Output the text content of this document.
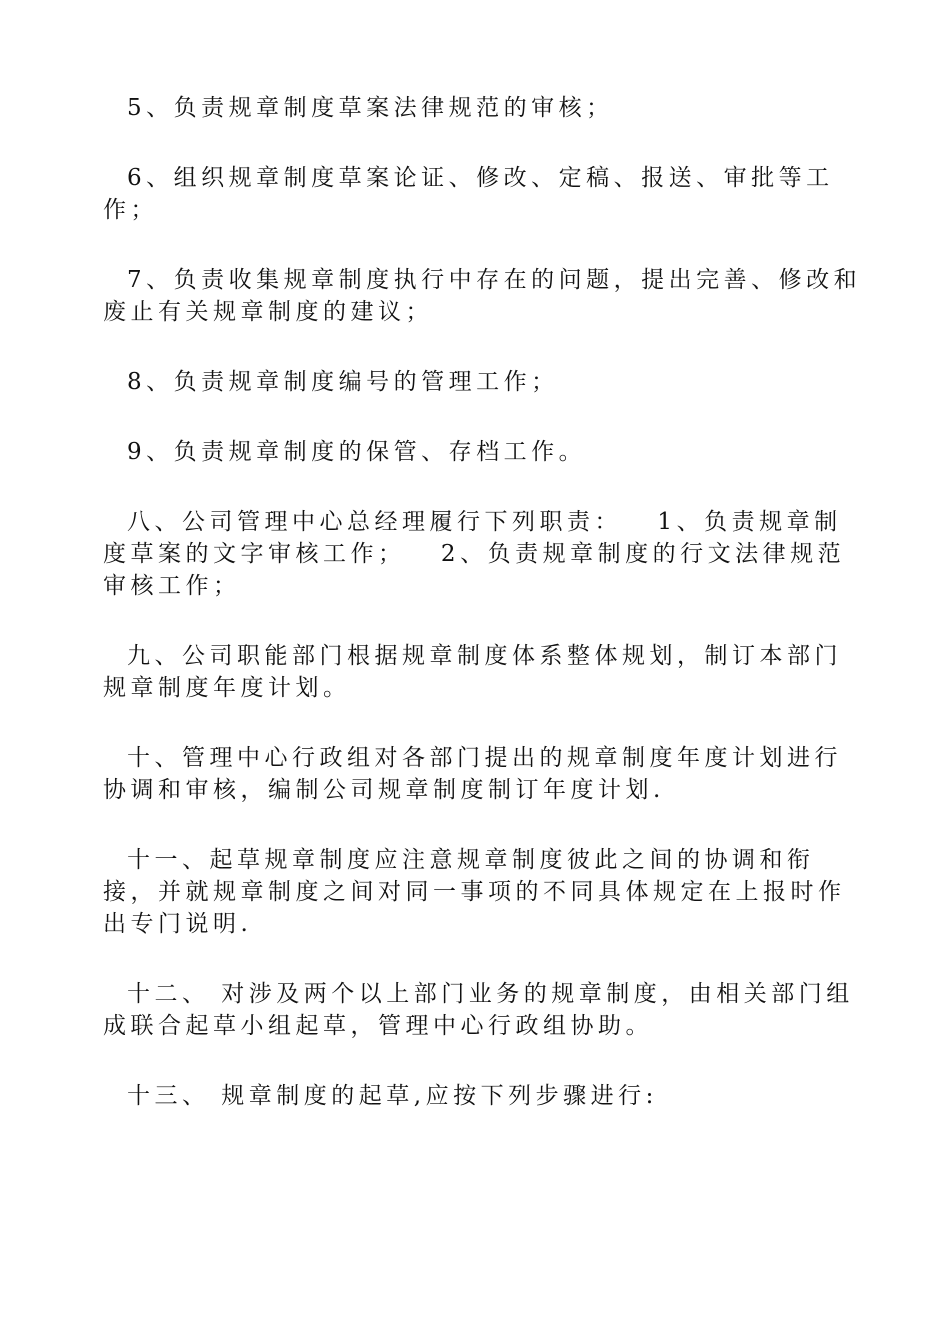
5、负责规章制度草案法律规范的审核；

6、组织规章制度草案论证、修改、定稿、报送、审批等工作；

7、负责收集规章制度执行中存在的问题，提出完善、修改和废止有关规章制度的建议；

8、负责规章制度编号的管理工作；

9、负责规章制度的保管、存档工作。

八、公司管理中心总经理履行下列职责：   1、负责规章制度草案的文字审核工作；   2、负责规章制度的行文法律规范审核工作；

九、公司职能部门根据规章制度体系整体规划，制订本部门规章制度年度计划。

十、管理中心行政组对各部门提出的规章制度年度计划进行协调和审核，编制公司规章制度制订年度计划.

十一、起草规章制度应注意规章制度彼此之间的协调和衔接，并就规章制度之间对同一事项的不同具体规定在上报时作出专门说明.

十二、 对涉及两个以上部门业务的规章制度，由相关部门组成联合起草小组起草，管理中心行政组协助。

十三、 规章制度的起草,应按下列步骤进行:
